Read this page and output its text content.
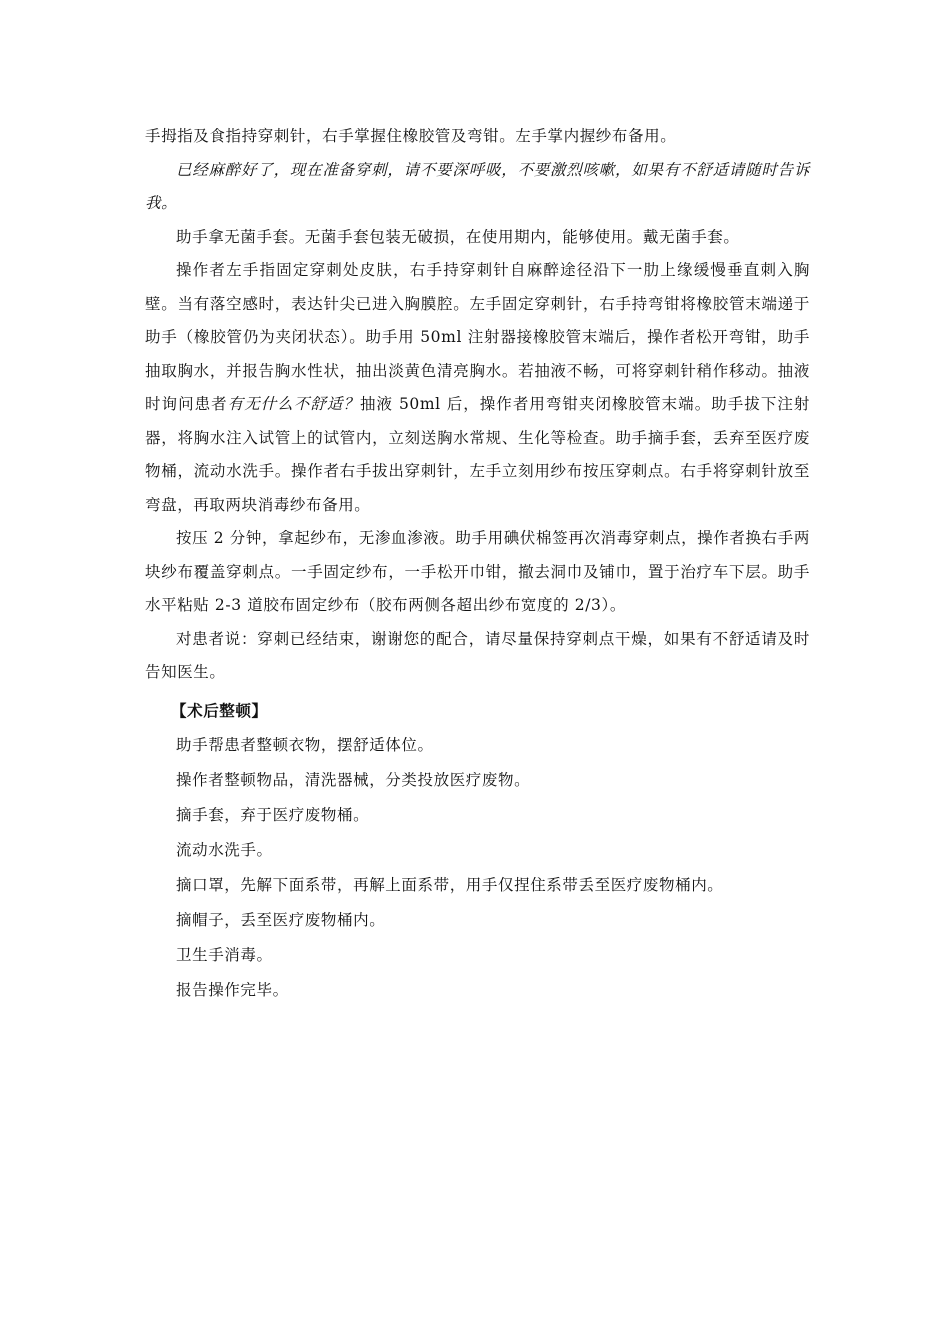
手拇指及食指持穿刺针，右手掌握住橡胶管及弯钳。左手掌内握纱布备用。

已经麻醉好了，现在准备穿刺，请不要深呼吸，不要激烈咳嗽，如果有不舒适请随时告诉我。

助手拿无菌手套。无菌手套包装无破损，在使用期内，能够使用。戴无菌手套。

操作者左手指固定穿刺处皮肤，右手持穿刺针自麻醉途径沿下一肋上缘缓慢垂直刺入胸壁。当有落空感时，表达针尖已进入胸膜腔。左手固定穿刺针，右手持弯钳将橡胶管末端递于助手（橡胶管仍为夹闭状态）。助手用 50ml 注射器接橡胶管末端后，操作者松开弯钳，助手抽取胸水，并报告胸水性状，抽出淡黄色清亮胸水。若抽液不畅，可将穿刺针稍作移动。抽液时询问患者有无什么不舒适？抽液 50ml 后，操作者用弯钳夹闭橡胶管末端。助手拔下注射器，将胸水注入试管上的试管内，立刻送胸水常规、生化等检查。助手摘手套，丢弃至医疗废物桶，流动水洗手。操作者右手拔出穿刺针，左手立刻用纱布按压穿刺点。右手将穿刺针放至弯盘，再取两块消毒纱布备用。

按压 2 分钟，拿起纱布，无渗血渗液。助手用碘伏棉签再次消毒穿刺点，操作者换右手两块纱布覆盖穿刺点。一手固定纱布，一手松开巾钳，撤去洞巾及铺巾，置于治疗车下层。助手水平粘贴 2-3 道胶布固定纱布（胶布两侧各超出纱布宽度的 2/3）。

对患者说：穿刺已经结束，谢谢您的配合，请尽量保持穿刺点干燥，如果有不舒适请及时告知医生。

【术后整顿】

助手帮患者整顿衣物，摆舒适体位。

操作者整顿物品，清洗器械，分类投放医疗废物。

摘手套，弃于医疗废物桶。

流动水洗手。

摘口罩，先解下面系带，再解上面系带，用手仅捏住系带丢至医疗废物桶内。

摘帽子，丢至医疗废物桶内。

卫生手消毒。

报告操作完毕。
